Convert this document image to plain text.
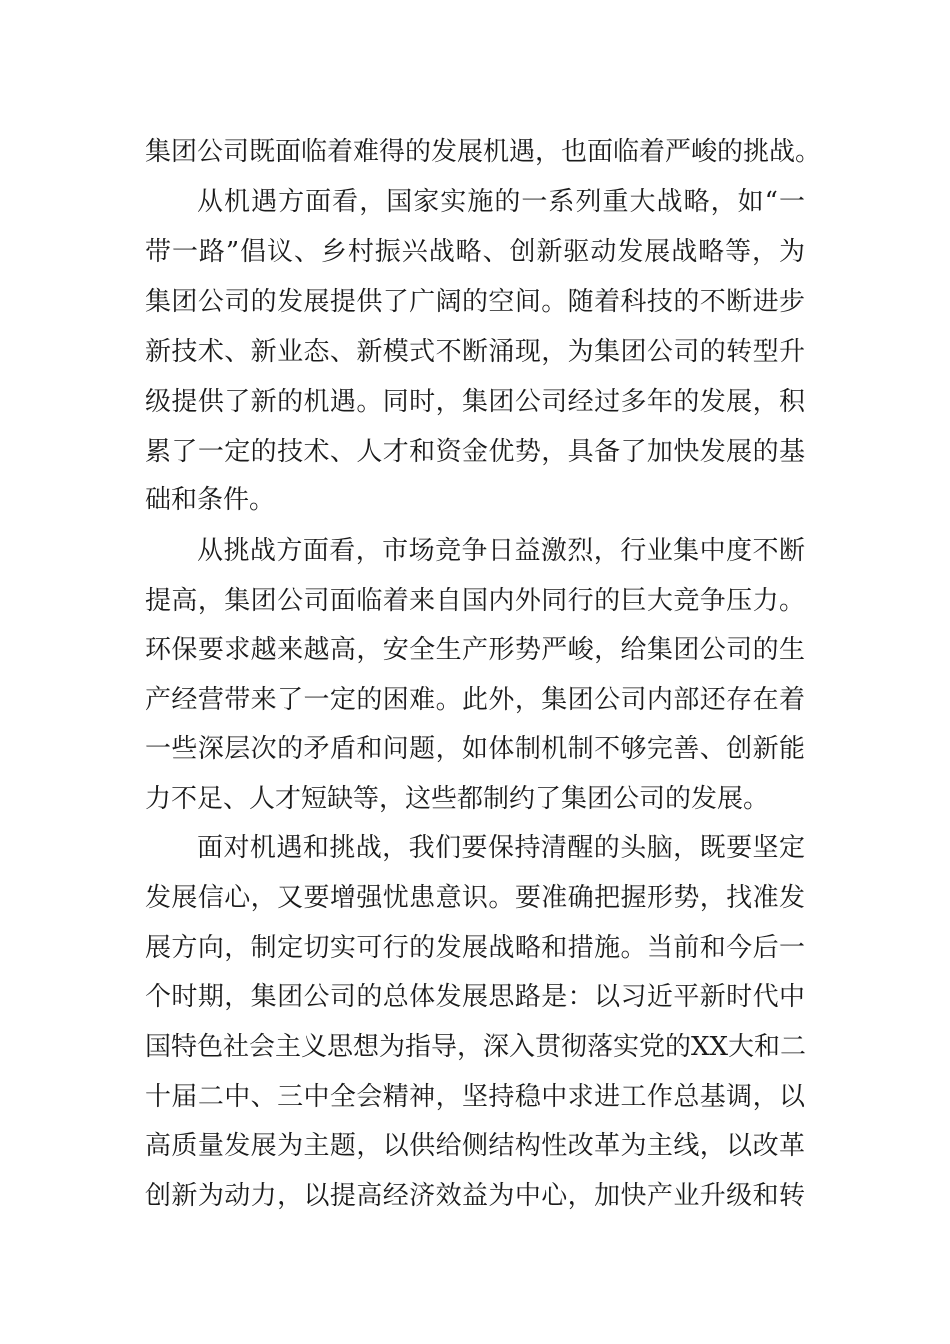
集团公司既面临着难得的发展机遇，也面临着严峻的挑战。
从机遇方面看，国家实施的一系列重大战略，如“一
带一路”倡议、乡村振兴战略、创新驱动发展战略等，为
集团公司的发展提供了广阔的空间。随着科技的不断进步
新技术、新业态、新模式不断涌现，为集团公司的转型升
级提供了新的机遇。同时，集团公司经过多年的发展，积
累了一定的技术、人才和资金优势，具备了加快发展的基
础和条件。
从挑战方面看，市场竞争日益激烈，行业集中度不断
提高，集团公司面临着来自国内外同行的巨大竞争压力。
环保要求越来越高，安全生产形势严峻，给集团公司的生
产经营带来了一定的困难。此外，集团公司内部还存在着
一些深层次的矛盾和问题，如体制机制不够完善、创新能
力不足、人才短缺等，这些都制约了集团公司的发展。
面对机遇和挑战，我们要保持清醒的头脑，既要坚定
发展信心，又要增强忧患意识。要准确把握形势，找准发
展方向，制定切实可行的发展战略和措施。当前和今后一
个时期，集团公司的总体发展思路是：以习近平新时代中
国特色社会主义思想为指导，深入贯彻落实党的XX大和二
十届二中、三中全会精神，坚持稳中求进工作总基调，以
高质量发展为主题，以供给侧结构性改革为主线，以改革
创新为动力，以提高经济效益为中心，加快产业升级和转
